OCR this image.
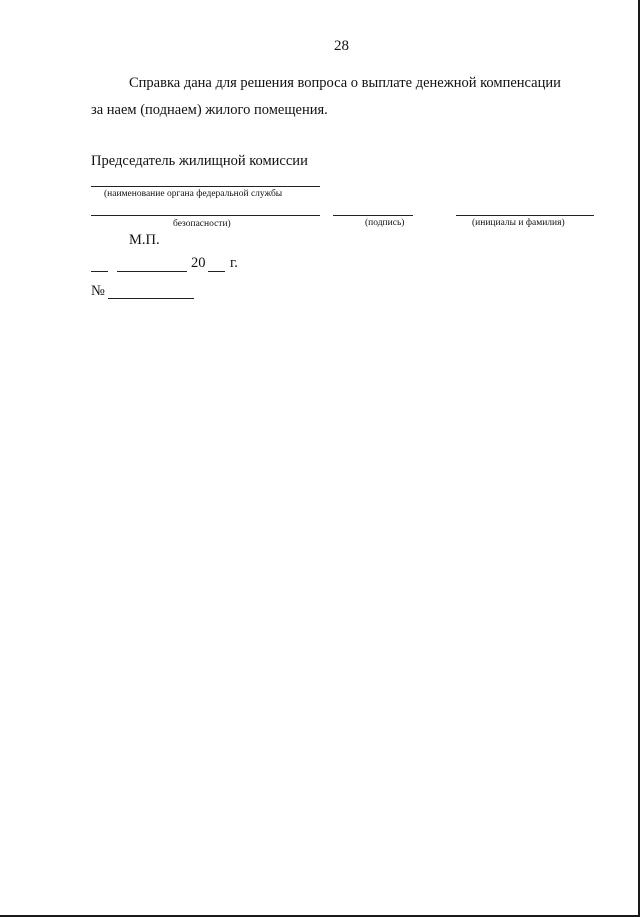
28
Справка дана для решения вопроса о выплате денежной компенсации
за наем (поднаем) жилого помещения.
Председатель жилищной комиссии
(наименование органа федеральной службы
безопасности)	(подпись)	(инициалы и фамилия)
М.П.
20 г.
№
